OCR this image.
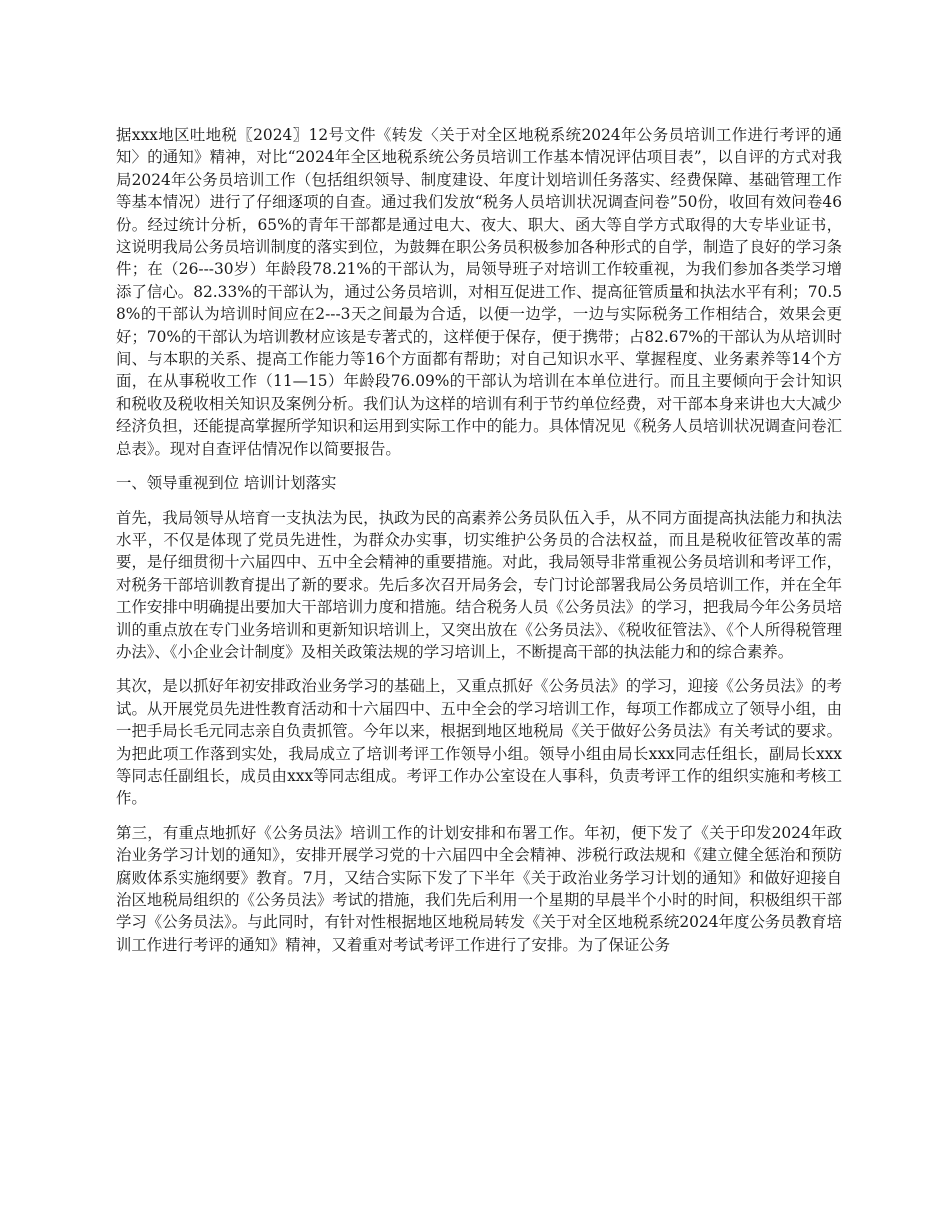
据xxx地区吐地税〖2024〗12号文件《转发〈关于对全区地税系统2024年公务员培训工作进行考评的通知〉的通知》精神，对比“2024年全区地税系统公务员培训工作基本情况评估项目表”，以自评的方式对我局2024年公务员培训工作（包括组织领导、制度建设、年度计划培训任务落实、经费保障、基础管理工作等基本情况）进行了仔细逐项的自查。通过我们发放“税务人员培训状况调查问卷”50份，收回有效问卷46份。经过统计分析，65%的青年干部都是通过电大、夜大、职大、函大等自学方式取得的大专毕业证书，这说明我局公务员培训制度的落实到位，为鼓舞在职公务员积极参加各种形式的自学，制造了良好的学习条件；在（26---30岁）年龄段78.21%的干部认为，局领导班子对培训工作较重视，为我们参加各类学习增添了信心。82.33%的干部认为，通过公务员培训，对相互促进工作、提高征管质量和执法水平有利；70.58%的干部认为培训时间应在2---3天之间最为合适，以便一边学，一边与实际税务工作相结合，效果会更好；70%的干部认为培训教材应该是专著式的，这样便于保存，便于携带；占82.67%的干部认为从培训时间、与本职的关系、提高工作能力等16个方面都有帮助；对自己知识水平、掌握程度、业务素养等14个方面，在从事税收工作（11—15）年龄段76.09%的干部认为培训在本单位进行。而且主要倾向于会计知识和税收及税收相关知识及案例分析。我们认为这样的培训有利于节约单位经费，对干部本身来讲也大大减少经济负担，还能提高掌握所学知识和运用到实际工作中的能力。具体情况见《税务人员培训状况调查问卷汇总表》。现对自查评估情况作以简要报告。

一、领导重视到位 培训计划落实

首先，我局领导从培育一支执法为民，执政为民的高素养公务员队伍入手，从不同方面提高执法能力和执法水平，不仅是体现了党员先进性，为群众办实事，切实维护公务员的合法权益，而且是税收征管改革的需要，是仔细贯彻十六届四中、五中全会精神的重要措施。对此，我局领导非常重视公务员培训和考评工作，对税务干部培训教育提出了新的要求。先后多次召开局务会，专门讨论部署我局公务员培训工作，并在全年工作安排中明确提出要加大干部培训力度和措施。结合税务人员《公务员法》的学习，把我局今年公务员培训的重点放在专门业务培训和更新知识培训上，又突出放在《公务员法》、《税收征管法》、《个人所得税管理办法》、《小企业会计制度》及相关政策法规的学习培训上，不断提高干部的执法能力和的综合素养。

其次，是以抓好年初安排政治业务学习的基础上，又重点抓好《公务员法》的学习，迎接《公务员法》的考试。从开展党员先进性教育活动和十六届四中、五中全会的学习培训工作，每项工作都成立了领导小组，由一把手局长毛元同志亲自负责抓管。今年以来，根据到地区地税局《关于做好公务员法》有关考试的要求。为把此项工作落到实处，我局成立了培训考评工作领导小组。领导小组由局长xxx同志任组长，副局长xxx等同志任副组长，成员由xxx等同志组成。考评工作办公室设在人事科，负责考评工作的组织实施和考核工作。

第三，有重点地抓好《公务员法》培训工作的计划安排和布署工作。年初，便下发了《关于印发2024年政治业务学习计划的通知》，安排开展学习党的十六届四中全会精神、涉税行政法规和《建立健全惩治和预防腐败体系实施纲要》教育。7月，又结合实际下发了下半年《关于政治业务学习计划的通知》和做好迎接自治区地税局组织的《公务员法》考试的措施，我们先后利用一个星期的早晨半个小时的时间，积极组织干部学习《公务员法》。与此同时，有针对性根据地区地税局转发《关于对全区地税系统2024年度公务员教育培训工作进行考评的通知》精神，又着重对考试考评工作进行了安排。为了保证公务
